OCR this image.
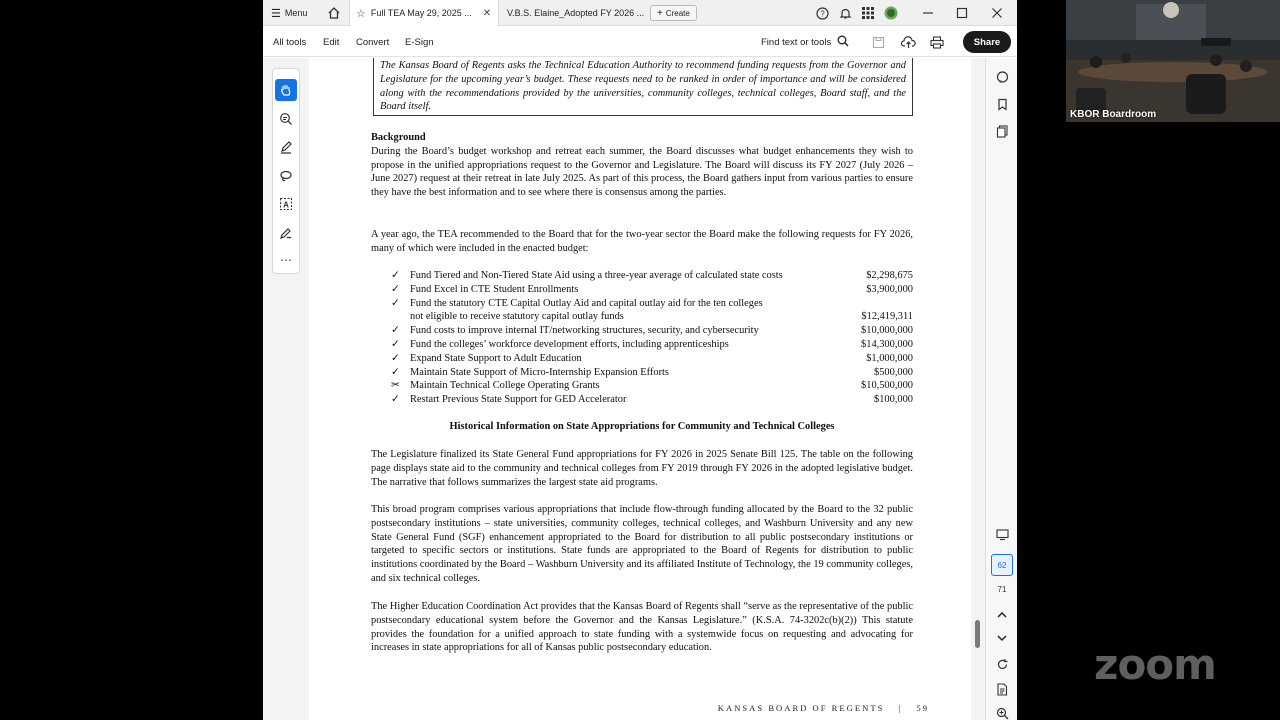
☰ Menu	☆ Full TEA May 29, 2025 ...	✕	V.B.S. Elaine_Adopted FY 2026 ... + Create	?
All tools Edit Convert E-Sign	Find text or tools	Share
A
⋯
The Kansas Board of Regents asks the Technical Education Authority to recommend funding requests from the Governor and Legislature for the upcoming year’s budget. These requests need to be ranked in order of importance and will be considered along with the recommendations provided by the universities, community colleges, technical colleges, Board staff, and the Board itself.
Background
During the Board’s budget workshop and retreat each summer, the Board discusses what budget enhancements they wish to propose in the unified appropriations request to the Governor and Legislature. The Board will discuss its FY 2027 (July 2026 – June 2027) request at their retreat in late July 2025. As part of this process, the Board gathers input from various parties to ensure they have the best information and to see where there is consensus among the parties.
A year ago, the TEA recommended to the Board that for the two-year sector the Board make the following requests for FY 2026, many of which were included in the enacted budget:
✓ Fund Tiered and Non-Tiered State Aid using a three-year average of calculated state costs	$2,298,675
✓ Fund Excel in CTE Student Enrollments	$3,900,000
✓ Fund the statutory CTE Capital Outlay Aid and capital outlay aid for the ten colleges
not eligible to receive statutory capital outlay funds	$12,419,311
✓ Fund costs to improve internal IT/networking structures, security, and cybersecurity	$10,000,000
✓ Fund the colleges’ workforce development efforts, including apprenticeships	$14,300,000
✓ Expand State Support to Adult Education	$1,000,000
✓ Maintain State Support of Micro-Internship Expansion Efforts	$500,000
✂ Maintain Technical College Operating Grants	$10,500,000
✓ Restart Previous State Support for GED Accelerator	$100,000
Historical Information on State Appropriations for Community and Technical Colleges
The Legislature finalized its State General Fund appropriations for FY 2026 in 2025 Senate Bill 125. The table on the following page displays state aid to the community and technical colleges from FY 2019 through FY 2026 in the adopted legislative budget. The narrative that follows summarizes the largest state aid programs.
This broad program comprises various appropriations that include flow-through funding allocated by the Board to the 32 public postsecondary institutions – state universities, community colleges, technical colleges, and Washburn University and any new State General Fund (SGF) enhancement appropriated to the Board for distribution to all public postsecondary institutions or targeted to specific sectors or institutions. State funds are appropriated to the Board of Regents for distribution to public institutions coordinated by the Board – Washburn University and its affiliated Institute of Technology, the 19 community colleges, and six technical colleges.
The Higher Education Coordination Act provides that the Kansas Board of Regents shall “serve as the representative of the public postsecondary educational system before the Governor and the Kansas Legislature.” (K.S.A. 74-3202c(b)(2)) This statute provides the foundation for a unified approach to state funding with a systemwide focus on requesting and advocating for increases in state appropriations for all of Kansas public postsecondary education.
KANSAS BOARD OF REGENTS | 59
62
71
KBOR Boardroom
zoom
